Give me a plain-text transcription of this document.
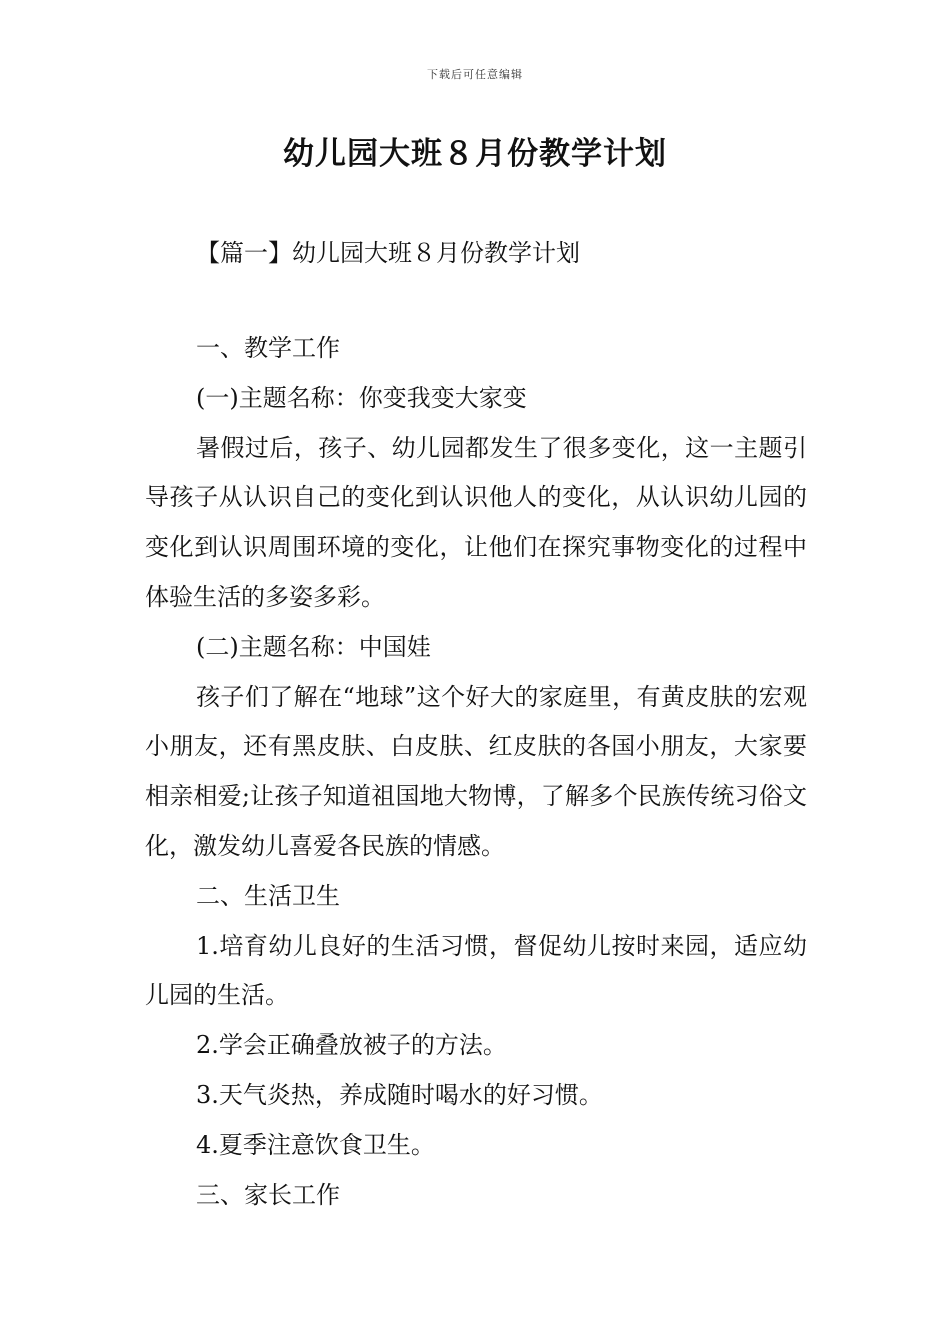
下载后可任意编辑
幼儿园大班８月份教学计划
【篇一】幼儿园大班８月份教学计划

一、教学工作

(一)主题名称：你变我变大家变

暑假过后，孩子、幼儿园都发生了很多变化，这一主题引导孩子从认识自己的变化到认识他人的变化，从认识幼儿园的变化到认识周围环境的变化，让他们在探究事物变化的过程中体验生活的多姿多彩。

(二)主题名称：中国娃

孩子们了解在“地球”这个好大的家庭里，有黄皮肤的宏观小朋友，还有黑皮肤、白皮肤、红皮肤的各国小朋友，大家要相亲相爱;让孩子知道祖国地大物博，了解多个民族传统习俗文化，激发幼儿喜爱各民族的情感。

二、生活卫生

1.培育幼儿良好的生活习惯，督促幼儿按时来园，适应幼儿园的生活。

2.学会正确叠放被子的方法。

3.天气炎热，养成随时喝水的好习惯。

4.夏季注意饮食卫生。

三、家长工作
